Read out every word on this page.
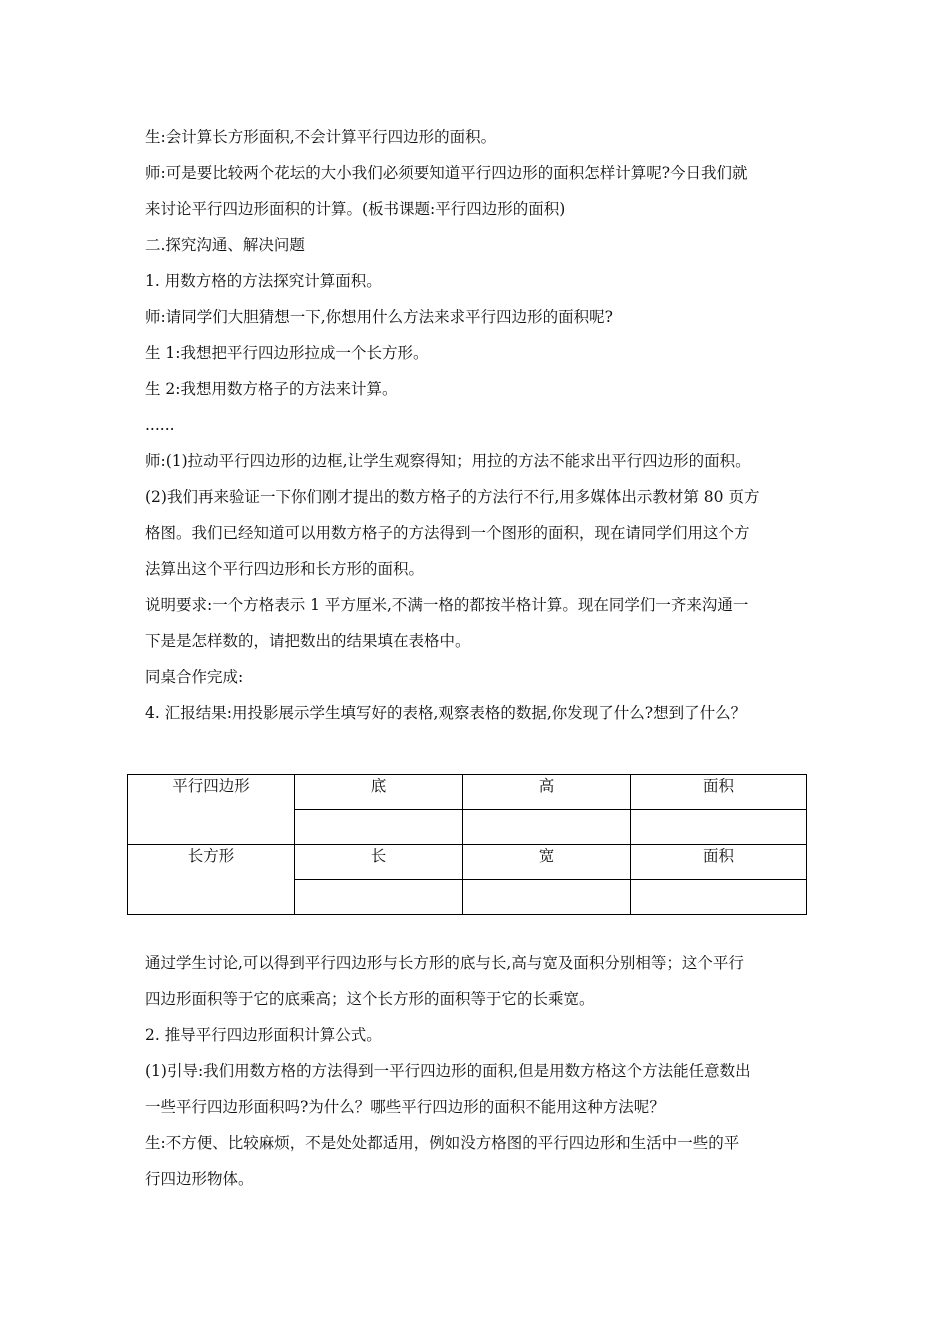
生:会计算长方形面积,不会计算平行四边形的面积。
师:可是要比较两个花坛的大小我们必须要知道平行四边形的面积怎样计算呢?今日我们就
来讨论平行四边形面积的计算。(板书课题:平行四边形的面积)
二.探究沟通、解决问题
1. 用数方格的方法探究计算面积。
师:请同学们大胆猜想一下,你想用什么方法来求平行四边形的面积呢?
生 1:我想把平行四边形拉成一个长方形。
生 2:我想用数方格子的方法来计算。
......
师:(1)拉动平行四边形的边框,让学生观察得知；用拉的方法不能求出平行四边形的面积。
(2)我们再来验证一下你们刚才提出的数方格子的方法行不行,用多媒体出示教材第 80 页方
格图。我们已经知道可以用数方格子的方法得到一个图形的面积，现在请同学们用这个方
法算出这个平行四边形和长方形的面积。
说明要求:一个方格表示 1 平方厘米,不满一格的都按半格计算。现在同学们一齐来沟通一
下是是怎样数的，请把数出的结果填在表格中。
同桌合作完成:
4. 汇报结果:用投影展示学生填写好的表格,观察表格的数据,你发现了什么?想到了什么？
平行四边形	底	高	面积

长方形	长	宽	面积

通过学生讨论,可以得到平行四边形与长方形的底与长,高与宽及面积分别相等；这个平行
四边形面积等于它的底乘高；这个长方形的面积等于它的长乘宽。
2. 推导平行四边形面积计算公式。
(1)引导:我们用数方格的方法得到一平行四边形的面积,但是用数方格这个方法能任意数出
一些平行四边形面积吗?为什么？哪些平行四边形的面积不能用这种方法呢？
生:不方便、比较麻烦，不是处处都适用，例如没方格图的平行四边形和生活中一些的平
行四边形物体。
